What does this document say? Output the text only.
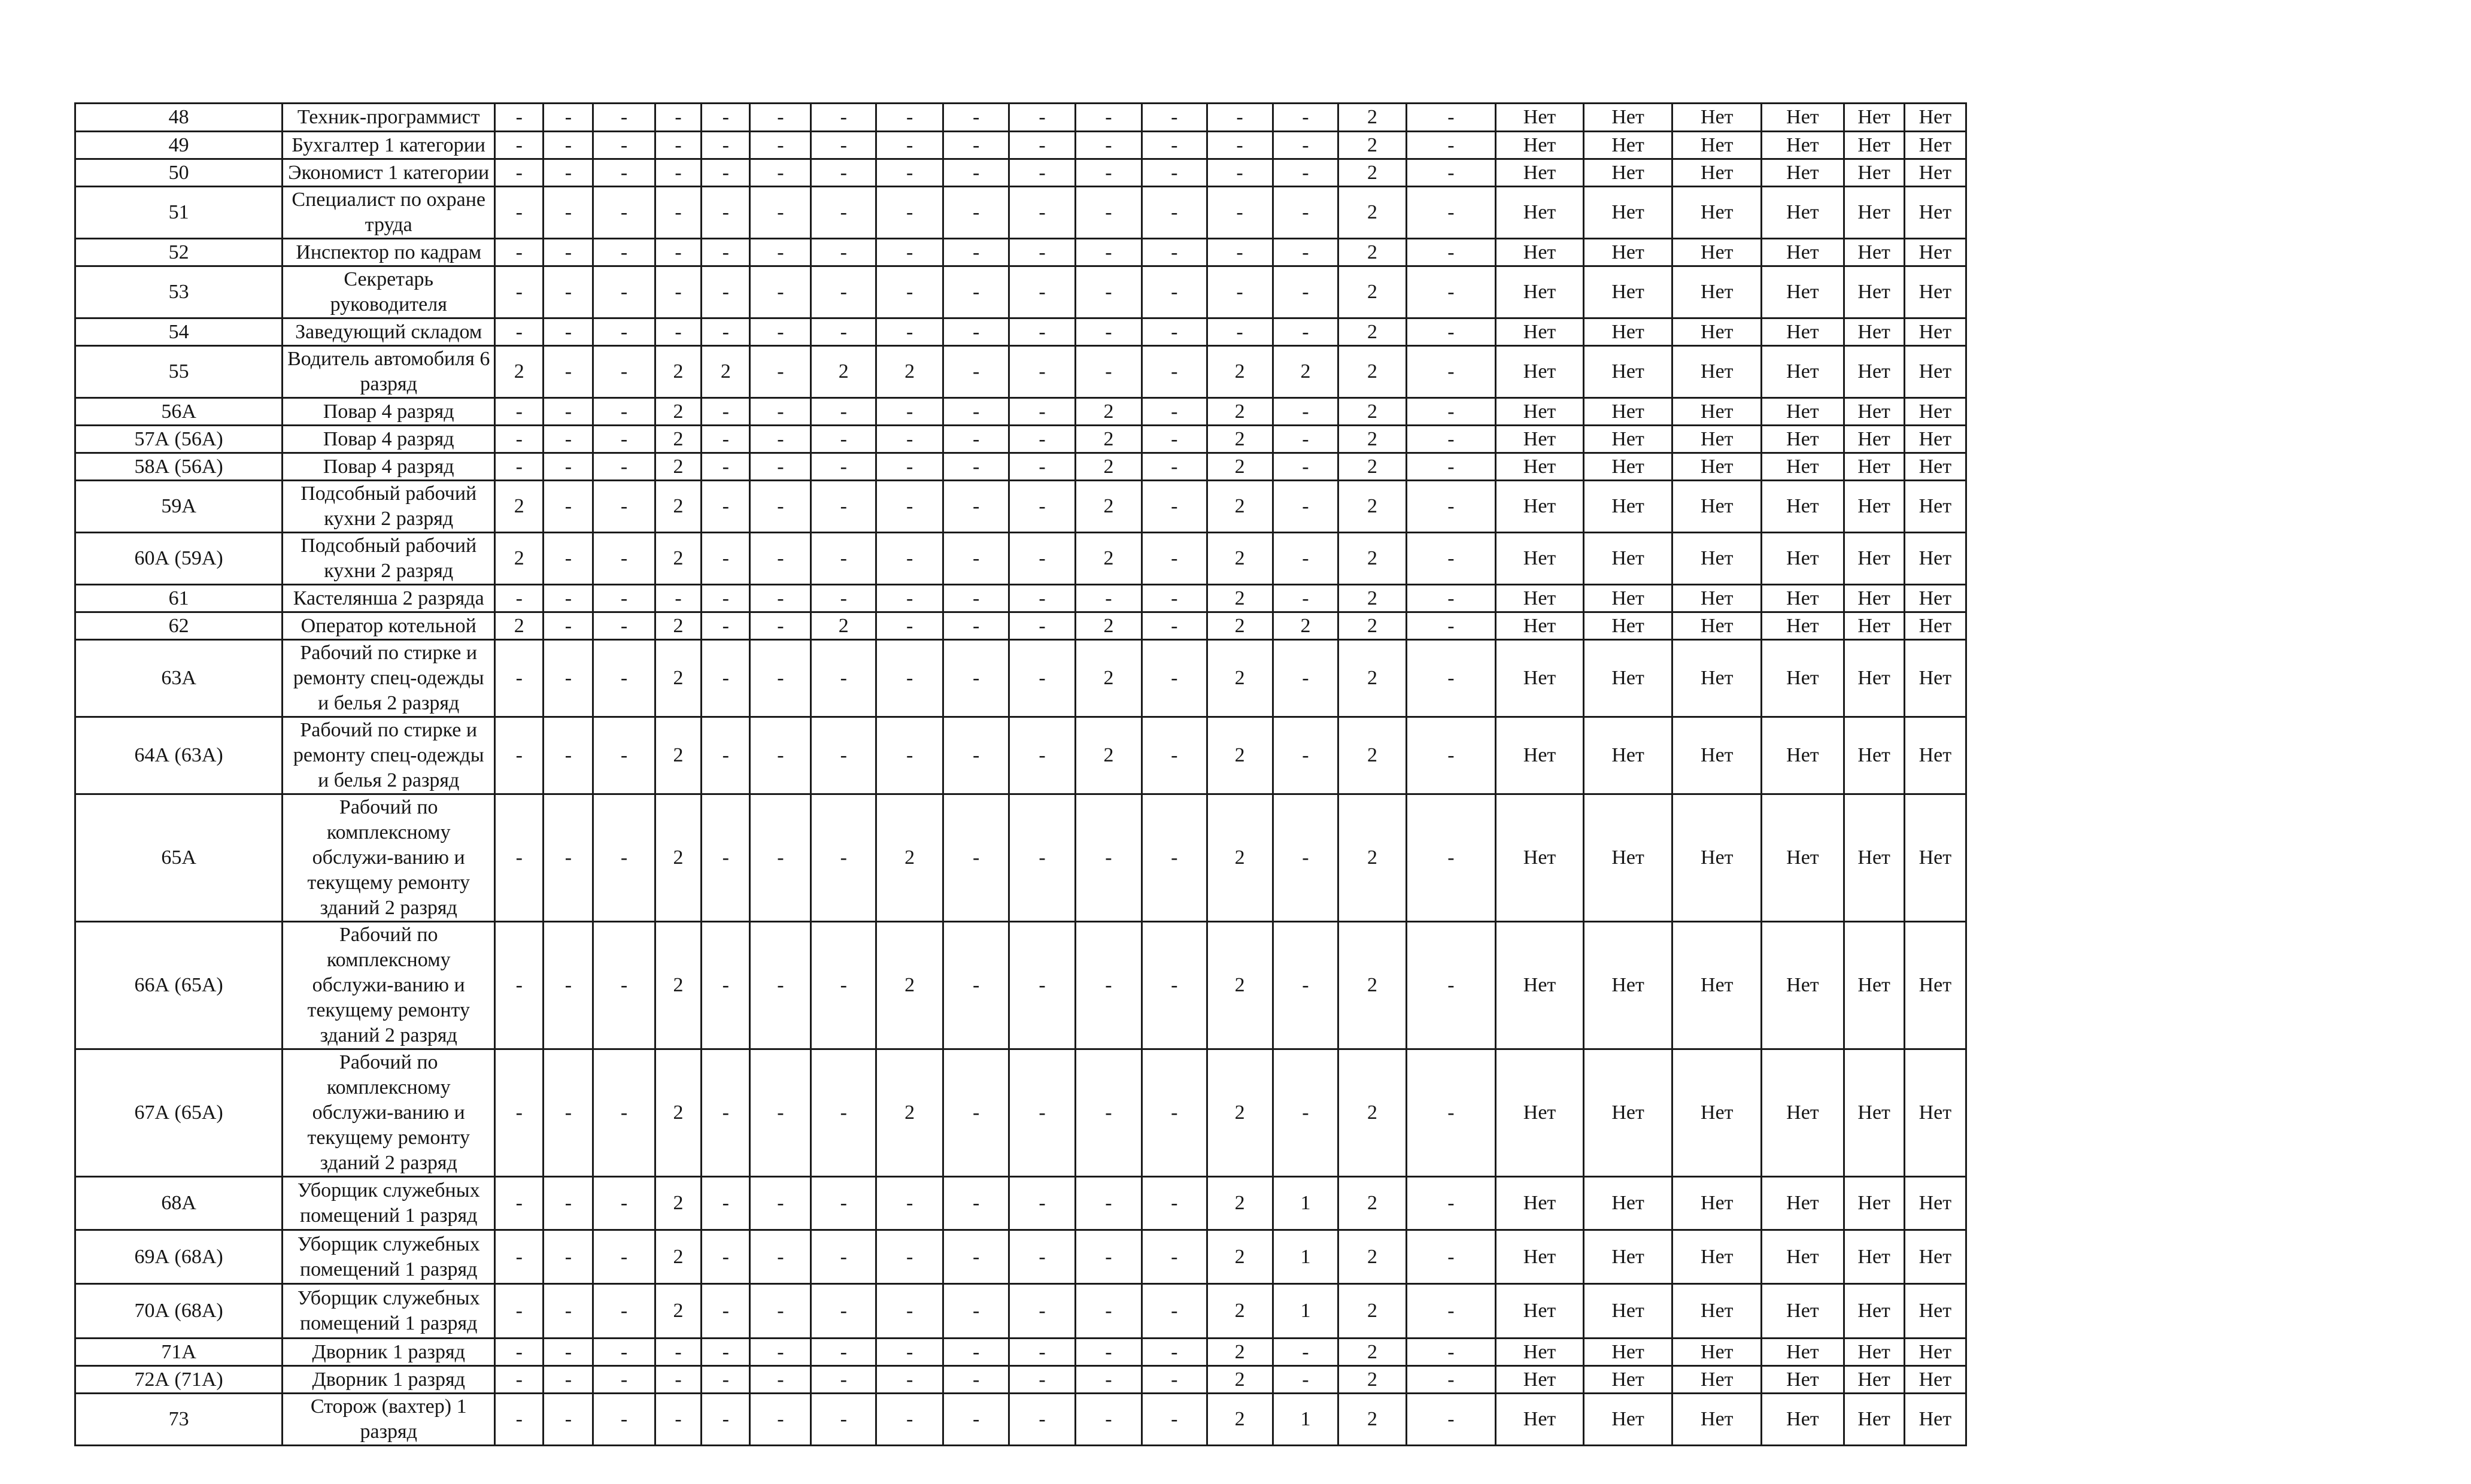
48	Техник-программист	-	-	-	-	-	-	-	-	-	-	-	-	-	-	2	-	Нет	Нет	Нет	Нет	Нет	Нет
49	Бухгалтер 1 категории	-	-	-	-	-	-	-	-	-	-	-	-	-	-	2	-	Нет	Нет	Нет	Нет	Нет	Нет
50	Экономист 1 категории	-	-	-	-	-	-	-	-	-	-	-	-	-	-	2	-	Нет	Нет	Нет	Нет	Нет	Нет
51	Специалист по охране труда	-	-	-	-	-	-	-	-	-	-	-	-	-	-	2	-	Нет	Нет	Нет	Нет	Нет	Нет
52	Инспектор по кадрам	-	-	-	-	-	-	-	-	-	-	-	-	-	-	2	-	Нет	Нет	Нет	Нет	Нет	Нет
53	Секретарь руководителя	-	-	-	-	-	-	-	-	-	-	-	-	-	-	2	-	Нет	Нет	Нет	Нет	Нет	Нет
54	Заведующий складом	-	-	-	-	-	-	-	-	-	-	-	-	-	-	2	-	Нет	Нет	Нет	Нет	Нет	Нет
55	Водитель автомобиля 6 разряд	2	-	-	2	2	-	2	2	-	-	-	-	2	2	2	-	Нет	Нет	Нет	Нет	Нет	Нет
56А	Повар 4 разряд	-	-	-	2	-	-	-	-	-	-	2	-	2	-	2	-	Нет	Нет	Нет	Нет	Нет	Нет
57А (56А)	Повар 4 разряд	-	-	-	2	-	-	-	-	-	-	2	-	2	-	2	-	Нет	Нет	Нет	Нет	Нет	Нет
58А (56А)	Повар 4 разряд	-	-	-	2	-	-	-	-	-	-	2	-	2	-	2	-	Нет	Нет	Нет	Нет	Нет	Нет
59А	Подсобный рабочий кухни 2 разряд	2	-	-	2	-	-	-	-	-	-	2	-	2	-	2	-	Нет	Нет	Нет	Нет	Нет	Нет
60А (59А)	Подсобный рабочий кухни 2 разряд	2	-	-	2	-	-	-	-	-	-	2	-	2	-	2	-	Нет	Нет	Нет	Нет	Нет	Нет
61	Кастелянша 2 разряда	-	-	-	-	-	-	-	-	-	-	-	-	2	-	2	-	Нет	Нет	Нет	Нет	Нет	Нет
62	Оператор котельной	2	-	-	2	-	-	2	-	-	-	2	-	2	2	2	-	Нет	Нет	Нет	Нет	Нет	Нет
63А	Рабочий по стирке и ремонту спец-одежды и белья 2 разряд	-	-	-	2	-	-	-	-	-	-	2	-	2	-	2	-	Нет	Нет	Нет	Нет	Нет	Нет
64А (63А)	Рабочий по стирке и ремонту спец-одежды и белья 2 разряд	-	-	-	2	-	-	-	-	-	-	2	-	2	-	2	-	Нет	Нет	Нет	Нет	Нет	Нет
65А	Рабочий по комплексному обслужи-ванию и текущему ремонту зданий 2 разряд	-	-	-	2	-	-	-	2	-	-	-	-	2	-	2	-	Нет	Нет	Нет	Нет	Нет	Нет
66А (65А)	Рабочий по комплексному обслужи-ванию и текущему ремонту зданий 2 разряд	-	-	-	2	-	-	-	2	-	-	-	-	2	-	2	-	Нет	Нет	Нет	Нет	Нет	Нет
67А (65А)	Рабочий по комплексному обслужи-ванию и текущему ремонту зданий 2 разряд	-	-	-	2	-	-	-	2	-	-	-	-	2	-	2	-	Нет	Нет	Нет	Нет	Нет	Нет
68А	Уборщик служебных помещений 1 разряд	-	-	-	2	-	-	-	-	-	-	-	-	2	1	2	-	Нет	Нет	Нет	Нет	Нет	Нет
69А (68А)	Уборщик служебных помещений 1 разряд	-	-	-	2	-	-	-	-	-	-	-	-	2	1	2	-	Нет	Нет	Нет	Нет	Нет	Нет
70А (68А)	Уборщик служебных помещений 1 разряд	-	-	-	2	-	-	-	-	-	-	-	-	2	1	2	-	Нет	Нет	Нет	Нет	Нет	Нет
71А	Дворник 1 разряд	-	-	-	-	-	-	-	-	-	-	-	-	2	-	2	-	Нет	Нет	Нет	Нет	Нет	Нет
72А (71А)	Дворник 1 разряд	-	-	-	-	-	-	-	-	-	-	-	-	2	-	2	-	Нет	Нет	Нет	Нет	Нет	Нет
73	Сторож (вахтер) 1 разряд	-	-	-	-	-	-	-	-	-	-	-	-	2	1	2	-	Нет	Нет	Нет	Нет	Нет	Нет
